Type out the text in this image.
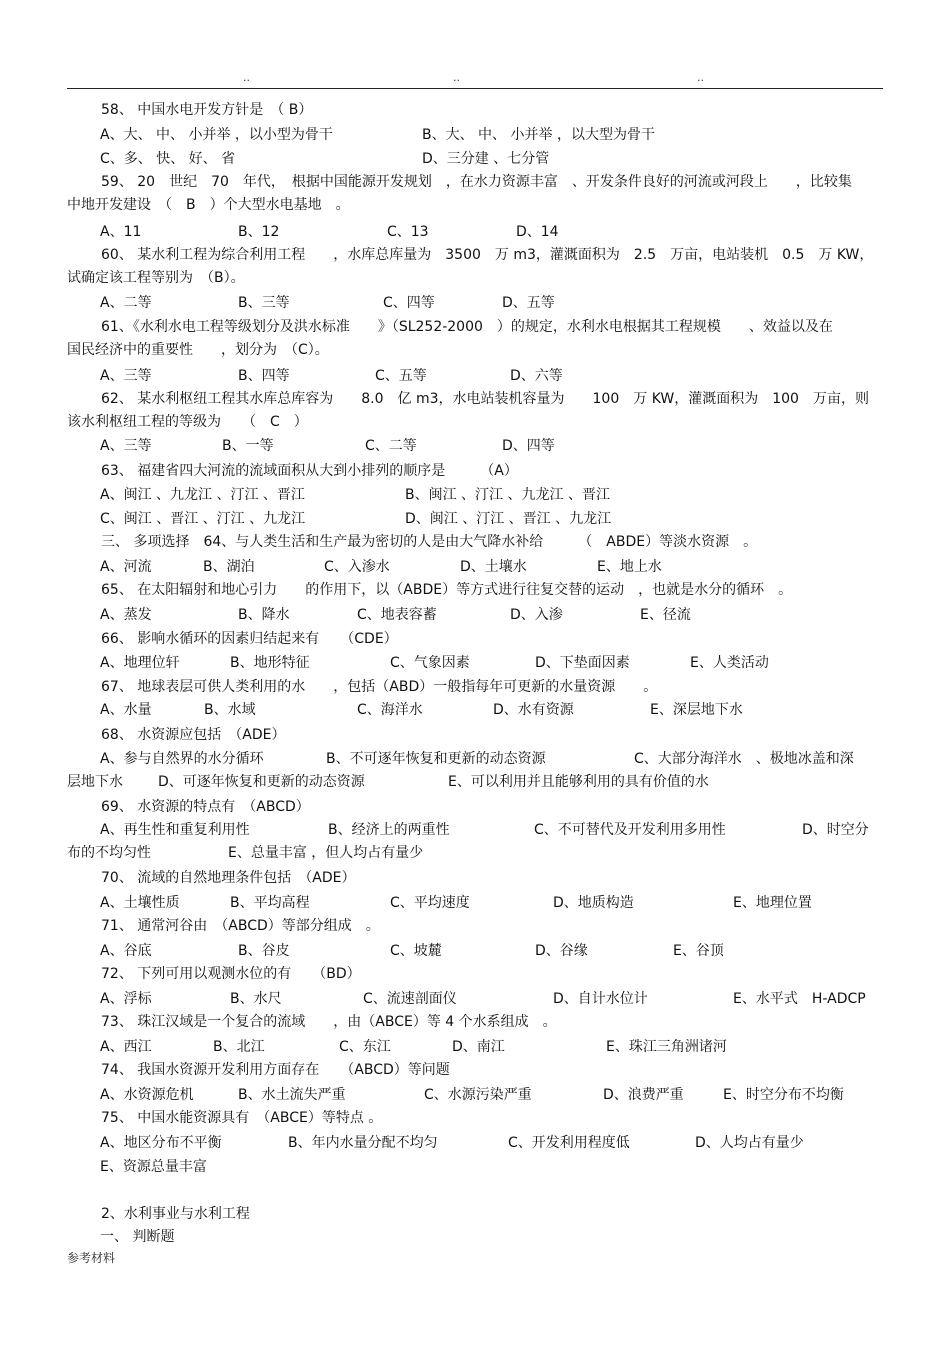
..	..	..
58、 中国水电开发方针是　（ B）
A、大、 中、 小并举 ，以小型为骨干	B、大、 中、 小并举 ，以大型为骨干
C、多、 快、 好、 省	D、三分建 、七分管
59、 20　世纪　70　年代，　根据中国能源开发规划　，在水力资源丰富　、开发条件良好的河流或河段上　　，比较集
中地开发建设　（　B　）个大型水电基地　。
A、11	B、12	C、13	D、14
60、 某水利工程为综合利用工程　　，水库总库量为　3500　万 m3，灌溉面积为　2.5　万亩，电站装机　0.5　万 KW，
试确定该工程等别为　（B）。
A、二等	B、三等	C、四等	D、五等
61、《水利水电工程等级划分及洪水标准　　》（SL252-2000　）的规定，水利水电根据其工程规模　　、效益以及在
国民经济中的重要性　　，划分为　（C）。
A、三等	B、四等	C、五等	D、六等
62、 某水利枢纽工程其水库总库容为　　8.0　亿 m3，水电站装机容量为　　100　万 KW，灌溉面积为　100　万亩，则
该水利枢纽工程的等级为　　（　C　）
A、三等	B、一等	C、二等	D、四等
63、 福建省四大河流的流域面积从大到小排列的顺序是　　　（A）
A、闽江 、九龙江 、汀江 、晋江	B、闽江 、汀江 、九龙江 、晋江
C、闽江 、晋江 、汀江 、九龙江	D、闽江 、汀江 、晋江 、九龙江
三、 多项选择　64、与人类生活和生产最为密切的人是由大气降水补给　　　（　ABDE）等淡水资源　。
A、河流	B、湖泊	C、入渗水	D、土壤水	E、地上水
65、 在太阳辐射和地心引力　　的作用下，以（ABDE）等方式进行往复交替的运动　，也就是水分的循环　。
A、蒸发	B、降水	C、地表容蓄	D、入渗	E、径流
66、 影响水循环的因素归结起来有　　（CDE）
A、地理位轩	B、地形特征	C、气象因素	D、下垫面因素	E、人类活动
67、 地球表层可供人类利用的水　　，包括（ABD）一般指每年可更新的水量资源　　。
A、水量	B、水域	C、海洋水	D、水有资源	E、深层地下水
68、 水资源应包括　（ADE）
A、参与自然界的水分循环	B、不可逐年恢复和更新的动态资源	C、大部分海洋水　、极地冰盖和深
层地下水	D、可逐年恢复和更新的动态资源	E、可以利用并且能够利用的具有价值的水
69、 水资源的特点有　（ABCD）
A、再生性和重复利用性	B、经济上的两重性	C、不可替代及开发利用多用性	D、时空分
布的不均匀性	E、总量丰富 ，但人均占有量少
70、 流域的自然地理条件包括　（ADE）
A、土壤性质	B、平均高程	C、平均速度	D、地质构造	E、地理位置
71、 通常河谷由　（ABCD）等部分组成　。
A、谷底	B、谷皮	C、坡麓	D、谷缘	E、谷顶
72、 下列可用以观测水位的有　　（BD）
A、浮标	B、水尺	C、流速剖面仪	D、自计水位计	E、水平式　H-ADCP
73、 珠江汉域是一个复合的流域　　，由（ABCE）等 4 个水系组成　。
A、西江	B、北江	C、东江	D、南江	E、珠江三角洲诸河
74、 我国水资源开发利用方面存在　　（ABCD）等问题
A、水资源危机	B、水土流失严重	C、水源污染严重	D、浪费严重	E、时空分布不均衡
75、 中国水能资源具有　（ABCE）等特点 。
A、地区分布不平衡	B、年内水量分配不均匀	C、开发利用程度低	D、人均占有量少
E、资源总量丰富
2、水利事业与水利工程
一、 判断题
参考材料
